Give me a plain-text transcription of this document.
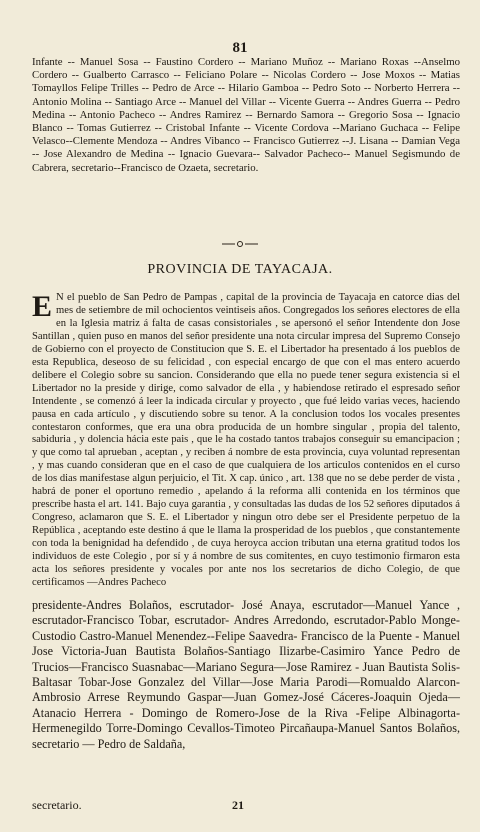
81

Infante -- Manuel Sosa -- Faustino Cordero -- Mariano Muñoz -- Mariano Roxas --Anselmo Cordero -- Gualberto Carrasco -- Feliciano Polare -- Nicolas Cordero -- Jose Moxos -- Matias Tomayllos Felipe Trilles -- Pedro de Arce -- Hilario Gamboa -- Pedro Soto -- Norberto Herrera -- Antonio Molina -- Santiago Arce -- Manuel del Villar -- Vicente Guerra -- Andres Guerra -- Pedro Medina -- Antonio Pacheco -- Andres Ramirez -- Bernardo Samora -- Gregorio Sosa -- Ignacio Blanco -- Tomas Gutierrez -- Cristobal Infante -- Vicente Cordova --Mariano Guchaca -- Felipe Velasco--Clemente Mendoza -- Andres Vibanco -- Francisco Gutierrez --J. Lisana -- Damian Vega -- Jose Alexandro de Medina -- Ignacio Guevara-- Salvador Pacheco-- Manuel Segismundo de Cabrera, secretario--Francisco de Ozaeta, secretario.

PROVINCIA DE TAYACAJA.

E N el pueblo de San Pedro de Pampas , capital de la provincia de Tayacaja en catorce dias del mes de setiembre de mil ochocientos veintiseis años. Congregados los señores electores de ella en la Iglesia matriz á falta de casas consistoriales , se apersonó el señor Intendente don Jose Santillan , quien puso en manos del señor presidente una nota circular impresa del Supremo Consejo de Gobierno con el proyecto de Constitucion que S. E. el Libertador ha presentado á los pueblos de esta Republica, deseoso de su felicidad , con especial encargo de que con el mas entero acuerdo delibere el Colegio sobre su sancion. Considerando que ella no puede tener segura existencia si el Libertador no la preside y dirige, como salvador de ella , y habiendose retirado el espresado señor Intendente , se comenzó á leer la indicada circular y proyecto , que fué leido varias veces, haciendo pausa en cada artículo , y discutiendo sobre su tenor. A la conclusion todos los vocales presentes contestaron conformes, que era una obra producida de un hombre singular , propia del talento, sabiduria , y dolencia hácia este pais , que le ha costado tantos trabajos conseguir su emancipacion ; y que como tal aprueban , aceptan , y reciben á nombre de esta provincia, cuya voluntad representan , y mas cuando consideran que en el caso de que cualquiera de los articulos contenidos en el curso de los dias manifestase algun perjuicio, el Tit. X cap. único , art. 138 que no se debe perder de vista , habrá de poner el oportuno remedio , apelando á la reforma alli contenida en los términos que prescribe hasta el art. 141. Bajo cuya garantia , y consultadas las dudas de los 52 señores diputados á Congreso, aclamaron que S. E. el Libertador y ningun otro debe ser el Presidente perpetuo de la República , aceptando este destino á que le llama la prosperidad de los pueblos , que constantemente con toda la benignidad ha defendido , de cuya heroyca accion tributan una eterna gratitud todos los individuos de este Colegio , por sí y á nombre de sus comitentes, en cuyo testimonio firmaron esta acta los señores presidente y vocales por ante nos los secretarios de dicho Colegio, de que certificamos —Andres Pacheco

presidente-Andres Bolaños, escrutador- José Anaya, escrutador—Manuel Yance , escrutador-Francisco Tobar, escrutador- Andres Arredondo, escrutador-Pablo Monge-Custodio Castro-Manuel Menendez--Felipe Saavedra- Francisco de la Puente - Manuel Jose Victoria-Juan Bautista Bolaños-Santiago Ilizarbe-Casimiro Yance Pedro de Trucios—Francisco Suasnabac—Mariano Segura—Jose Ramirez - Juan Bautista Solis-Baltasar Tobar-Jose Gonzalez del Villar—Jose Maria Parodi—Romualdo Alarcon-Ambrosio Arrese Reymundo Gaspar—Juan Gomez-José Cáceres-Joaquin Ojeda—Atanacio Herrera - Domingo de Romero-Jose de la Riva -Felipe Albinagorta-Hermenegildo Torre-Domingo Cevallos-Timoteo Pircañaupa-Manuel Santos Bolaños, secretario — Pedro de Saldaña,

secretario.	21
